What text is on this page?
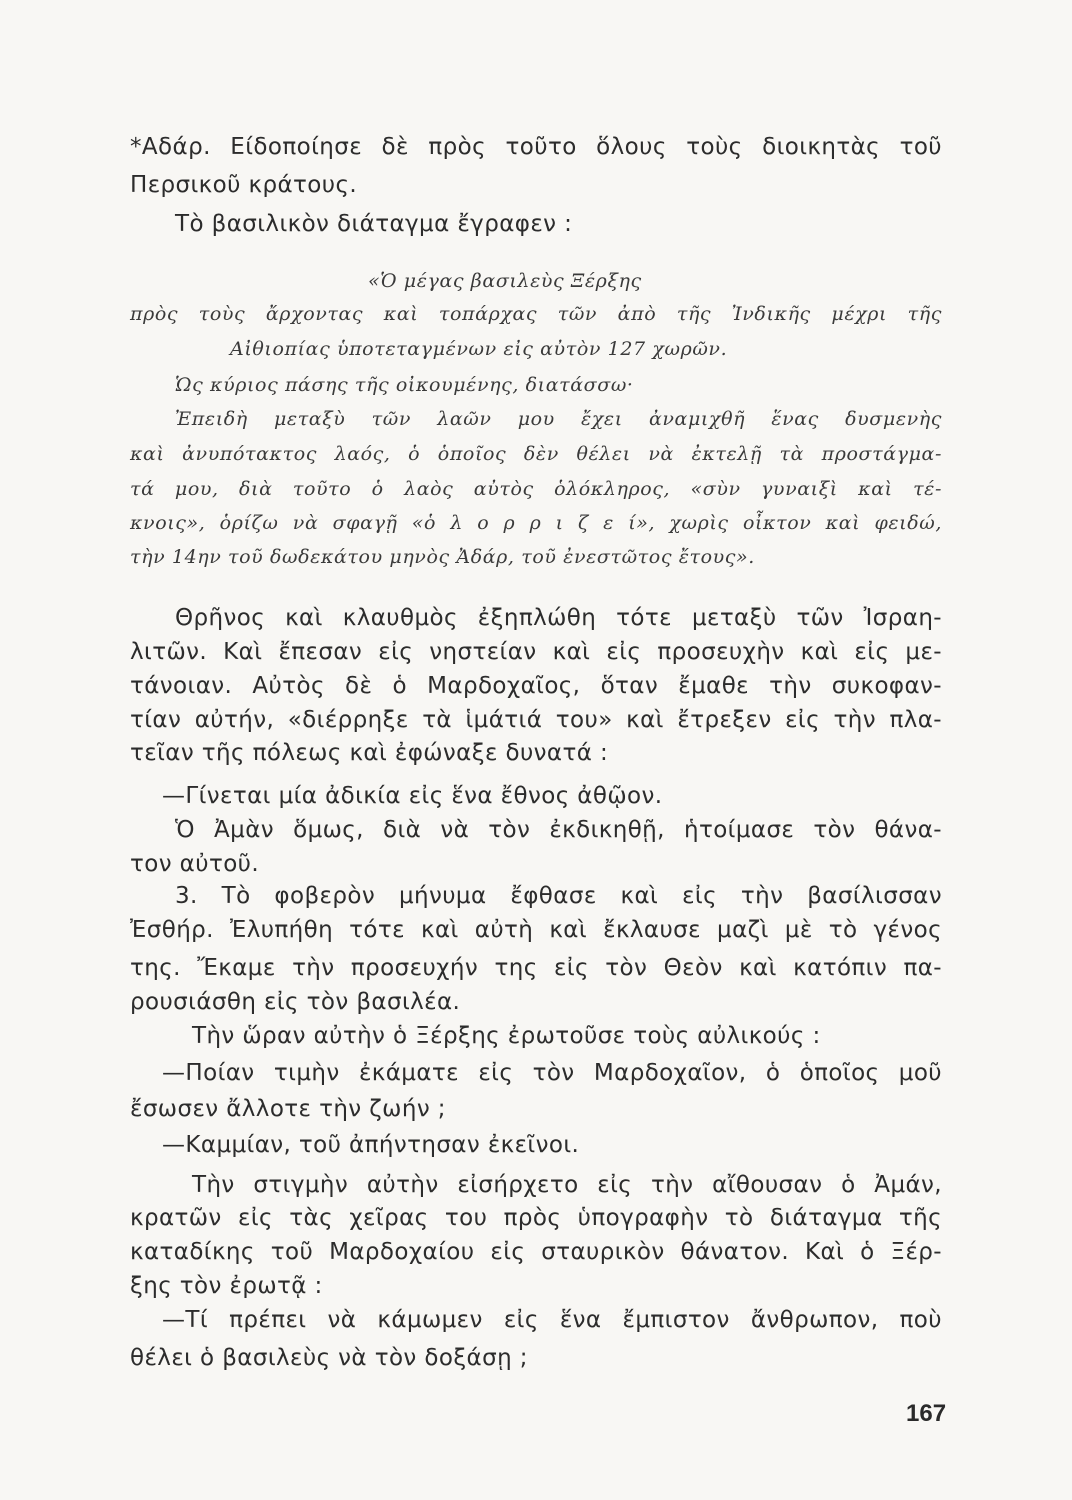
*Αδάρ. Είδοποίησε δὲ πρὸς τοῦτο ὅλους τοὺς διοικητὰς τοῦ
Περσικοῦ κράτους.
Τὸ βασιλικὸν διάταγμα ἔγραφεν :
«Ὁ μέγας βασιλεὺς Ξέρξης
πρὸς τοὺς ἄρχοντας καὶ τοπάρχας τῶν ἀπὸ τῆς Ἰνδικῆς μέχρι τῆς
Αἰθιοπίας ὑποτεταγμένων εἰς αὐτὸν 127 χωρῶν.
Ὡς κύριος πάσης τῆς οἰκουμένης, διατάσσω·
Ἐπειδὴ μεταξὺ τῶν λαῶν μου ἔχει ἀναμιχθῆ ἕνας δυσμενὴς
καὶ ἀνυπότακτος λαός, ὁ ὁποῖος δὲν θέλει νὰ ἐκτελῇ τὰ προστάγμα-
τά μου, διὰ τοῦτο ὁ λαὸς αὐτὸς ὁλόκληρος, «σὺν γυναιξὶ καὶ τέ-
κνοις», ὁρίζω νὰ σφαγῇ «ὁ λ ο ρ ρ ι ζ ε ί», χωρὶς οἶκτον καὶ φειδώ,
τὴν 14ην τοῦ δωδεκάτου μηνὸς Ἀδάρ, τοῦ ἐνεστῶτος ἔτους».
Θρῆνος καὶ κλαυθμὸς ἐξηπλώθη τότε μεταξὺ τῶν Ἰσραη-
λιτῶν. Καὶ ἔπεσαν εἰς νηστείαν καὶ εἰς προσευχὴν καὶ εἰς με-
τάνοιαν. Αὐτὸς δὲ ὁ Μαρδοχαῖος, ὅταν ἔμαθε τὴν συκοφαν-
τίαν αὐτήν, «διέρρηξε τὰ ἱμάτιά του» καὶ ἔτρεξεν εἰς τὴν πλα-
τεῖαν τῆς πόλεως καὶ ἐφώναξε δυνατά :
—Γίνεται μία ἀδικία εἰς ἕνα ἔθνος ἀθῷον.
Ὁ Ἀμὰν ὅμως, διὰ νὰ τὸν ἐκδικηθῇ, ἡτοίμασε τὸν θάνα-
τον αὐτοῦ.
3. Τὸ φοβερὸν μήνυμα ἔφθασε καὶ εἰς τὴν βασίλισσαν
Ἐσθήρ. Ἐλυπήθη τότε καὶ αὐτὴ καὶ ἔκλαυσε μαζὶ μὲ τὸ γένος
της. Ἔκαμε τὴν προσευχήν της εἰς τὸν Θεὸν καὶ κατόπιν πα-
ρουσιάσθη εἰς τὸν βασιλέα.
Τὴν ὥραν αὐτὴν ὁ Ξέρξης ἐρωτοῦσε τοὺς αὐλικούς :
—Ποίαν τιμὴν ἐκάματε εἰς τὸν Μαρδοχαῖον, ὁ ὁποῖος μοῦ
ἔσωσεν ἄλλοτε τὴν ζωήν ;
—Καμμίαν, τοῦ ἀπήντησαν ἐκεῖνοι.
Τὴν στιγμὴν αὐτὴν εἰσήρχετο εἰς τὴν αἴθουσαν ὁ Ἀμάν,
κρατῶν εἰς τὰς χεῖρας του πρὸς ὑπογραφὴν τὸ διάταγμα τῆς
καταδίκης τοῦ Μαρδοχαίου εἰς σταυρικὸν θάνατον. Καὶ ὁ Ξέρ-
ξης τὸν ἐρωτᾷ :
—Τί πρέπει νὰ κάμωμεν εἰς ἕνα ἔμπιστον ἄνθρωπον, ποὺ
θέλει ὁ βασιλεὺς νὰ τὸν δοξάσῃ ;
167
